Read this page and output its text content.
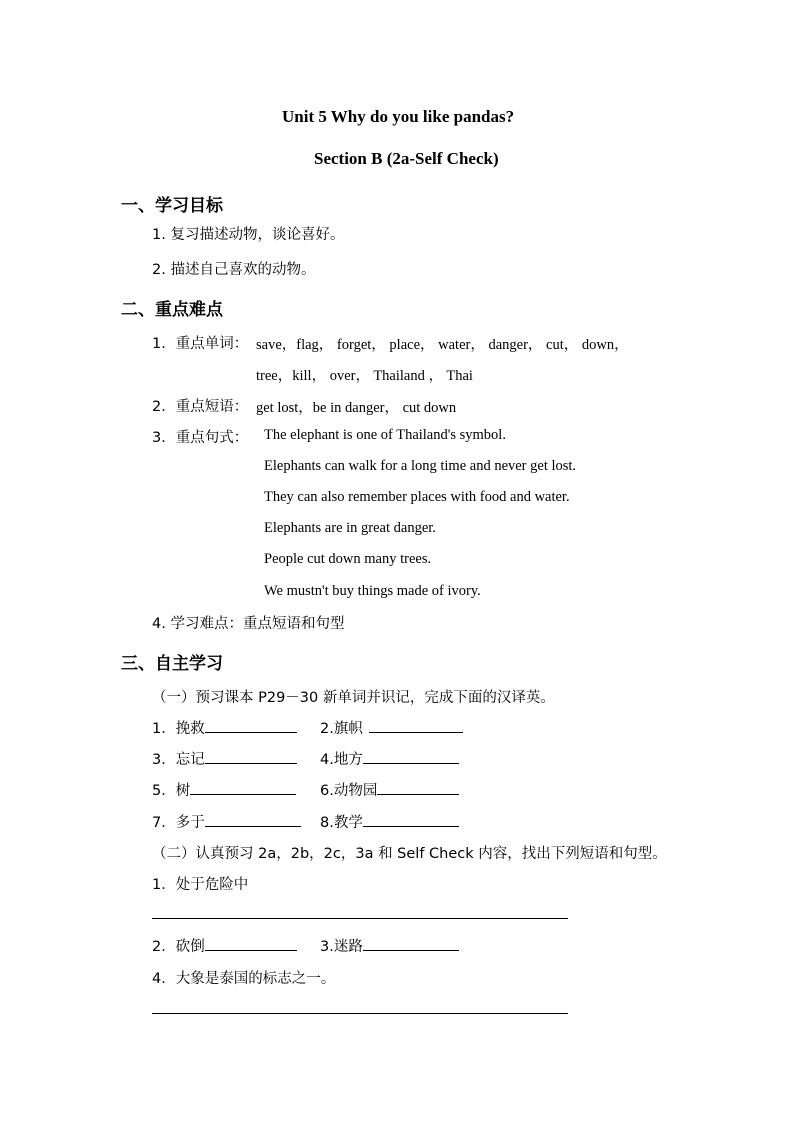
Unit 5 Why do you like pandas?
Section B (2a-Self Check)
一、学习目标
1. 复习描述动物，谈论喜好。
2. 描述自己喜欢的动物。
二、重点难点
1．重点单词： save，flag， forget， place， water， danger， cut， down，
tree，kill， over， Thailand ， Thai
2．重点短语： get lost，be in danger， cut down
3．重点句式： The elephant is one of Thailand's symbol.
Elephants can walk for a long time and never get lost.
They can also remember places with food and water.
Elephants are in great danger.
People cut down many trees.
We mustn't buy things made of ivory.
4. 学习难点：重点短语和句型
三、自主学习
（一）预习课本 P29－30 新单词并识记，完成下面的汉译英。
1．挽救	2.旗帜
3．忘记	4.地方
5．树	6.动物园
7．多于	8.教学
（二）认真预习 2a，2b，2c，3a 和 Self Check 内容，找出下列短语和句型。
1．处于危险中
2．砍倒	3.迷路
4．大象是泰国的标志之一。
